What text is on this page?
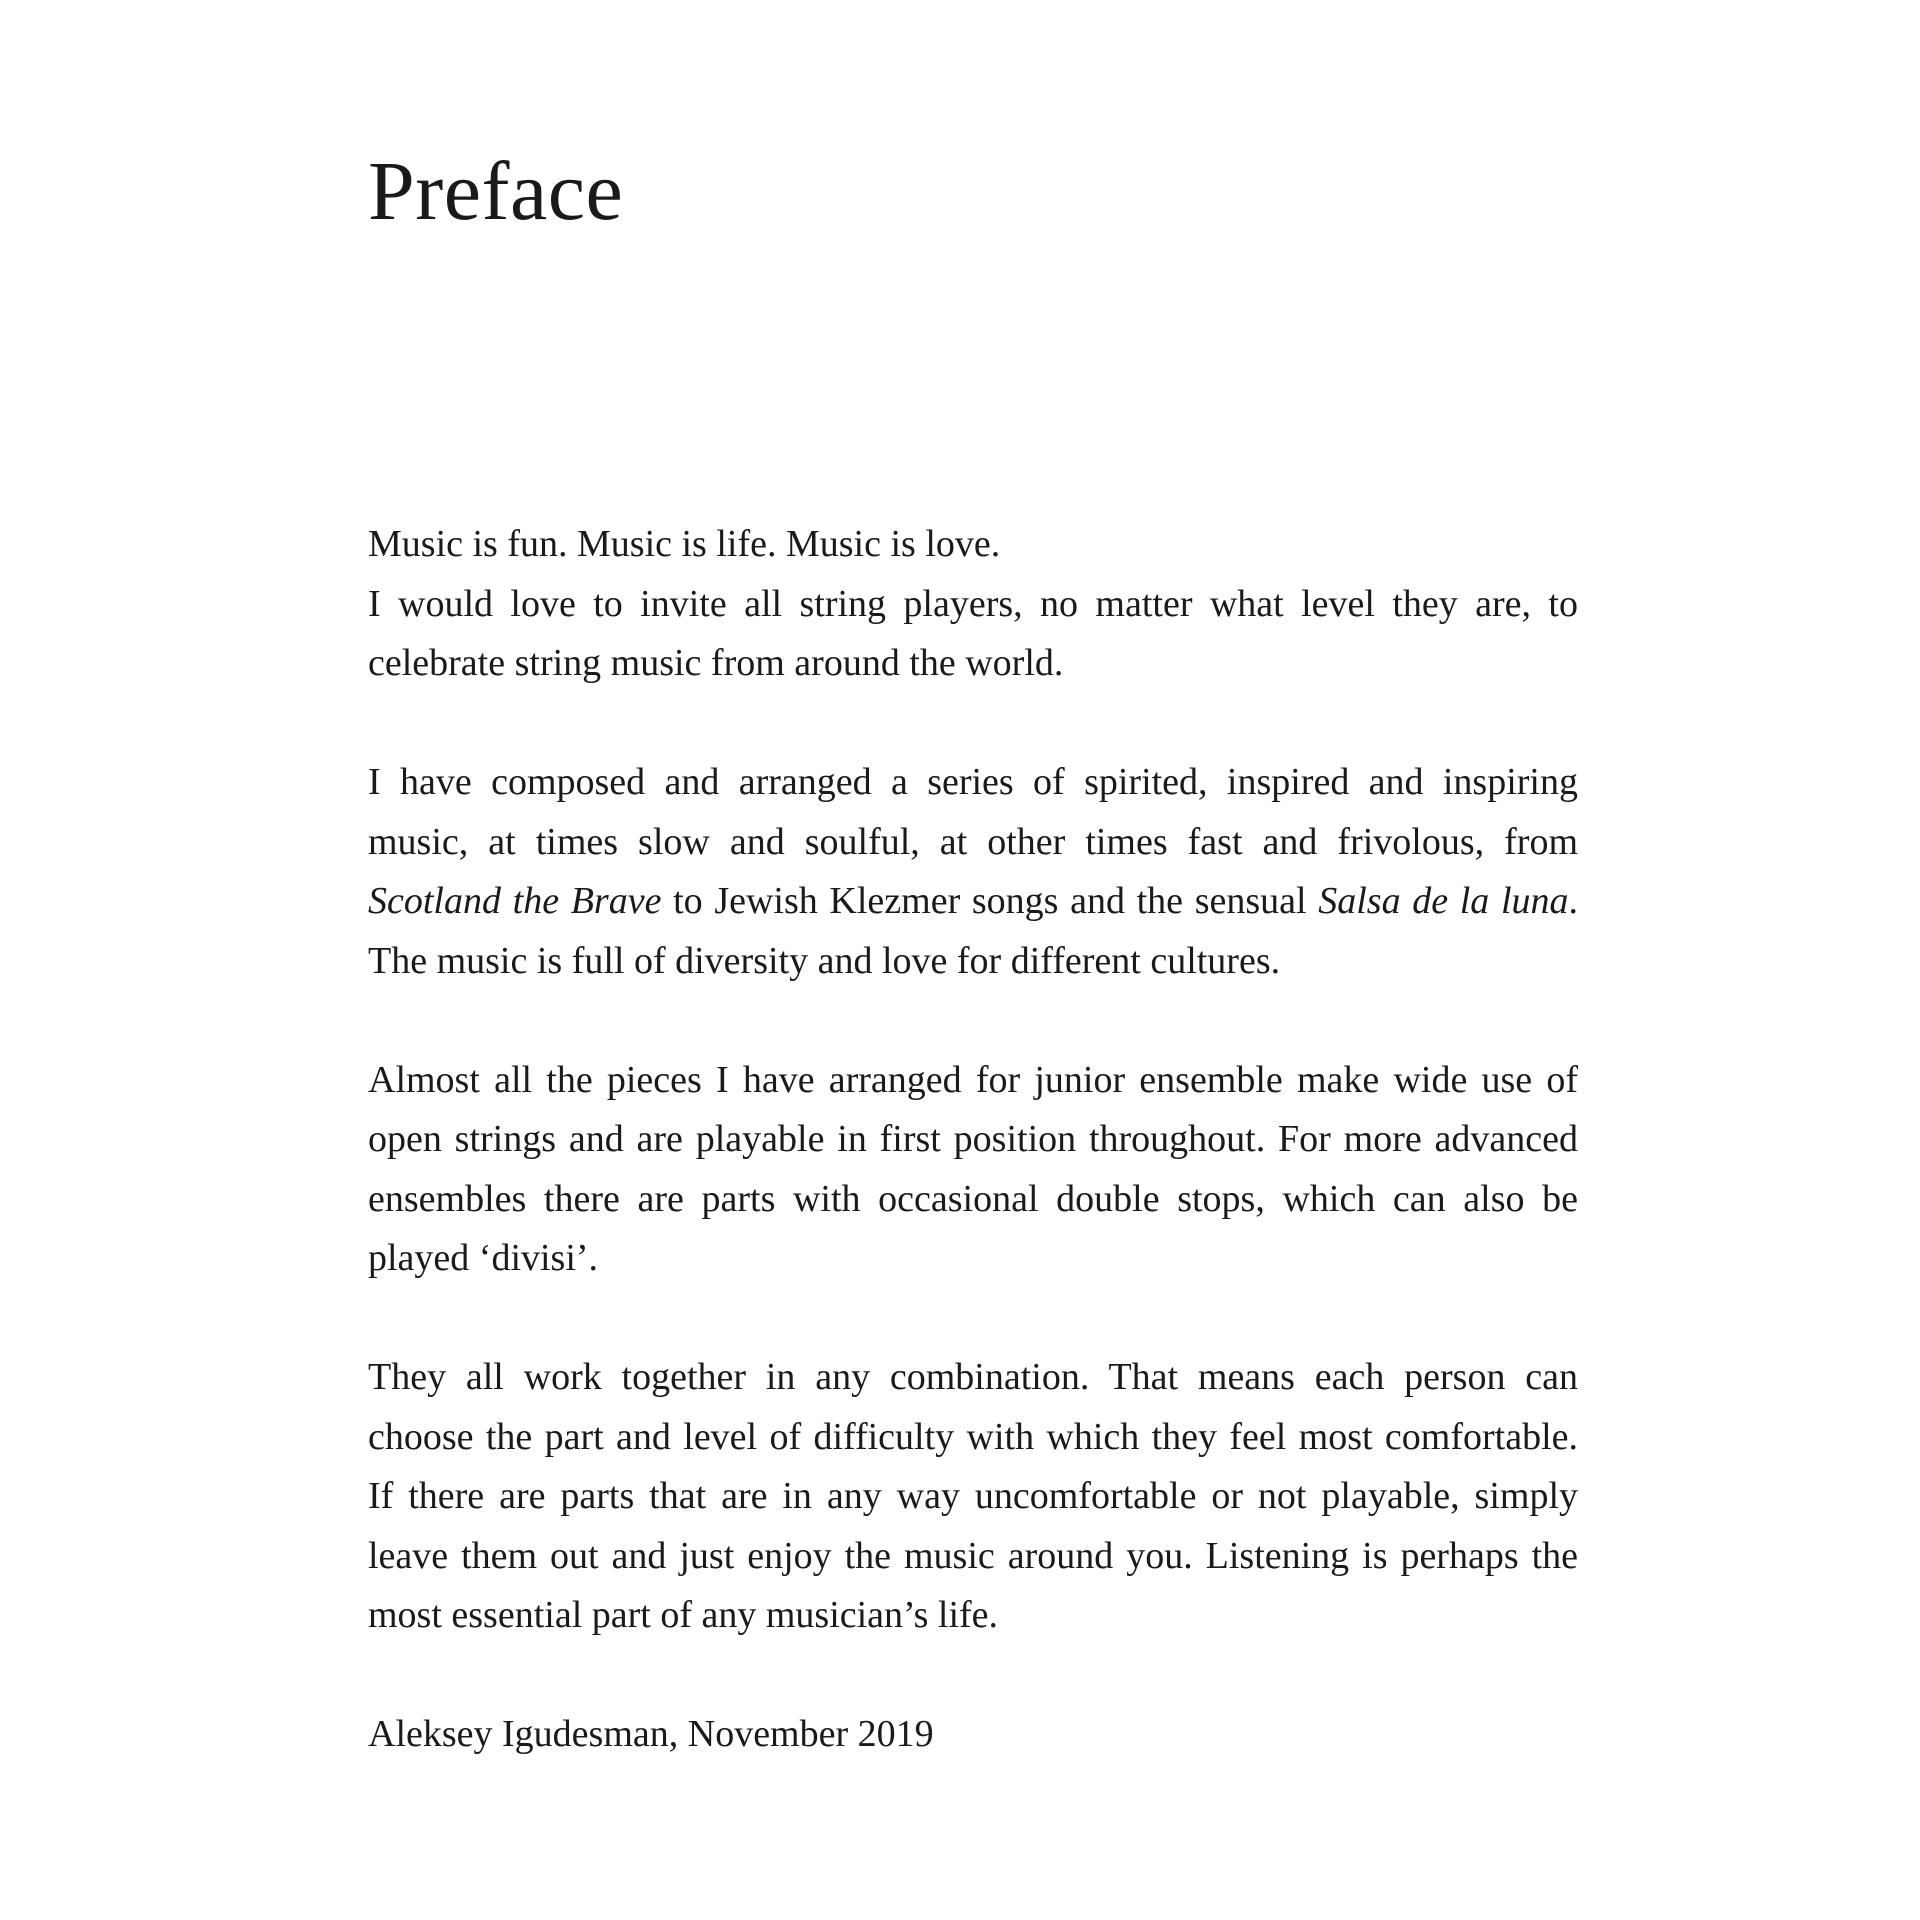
Preface

Music is fun. Music is life. Music is love.
I would love to invite all string players, no matter what level they are, to celebrate string music from around the world.

I have composed and arranged a series of spirited, inspired and inspiring music, at times slow and soulful, at other times fast and frivolous, from Scotland the Brave to Jewish Klezmer songs and the sensual Salsa de la luna. The music is full of diversity and love for different cultures.

Almost all the pieces I have arranged for junior ensemble make wide use of open strings and are playable in first position throughout. For more advanced ensembles there are parts with occasional double stops, which can also be played ‘divisi’.

They all work together in any combination. That means each person can choose the part and level of difficulty with which they feel most comfortable. If there are parts that are in any way uncomfortable or not playable, simply leave them out and just enjoy the music around you. Listening is perhaps the most essential part of any musician’s life.

Aleksey Igudesman, November 2019
